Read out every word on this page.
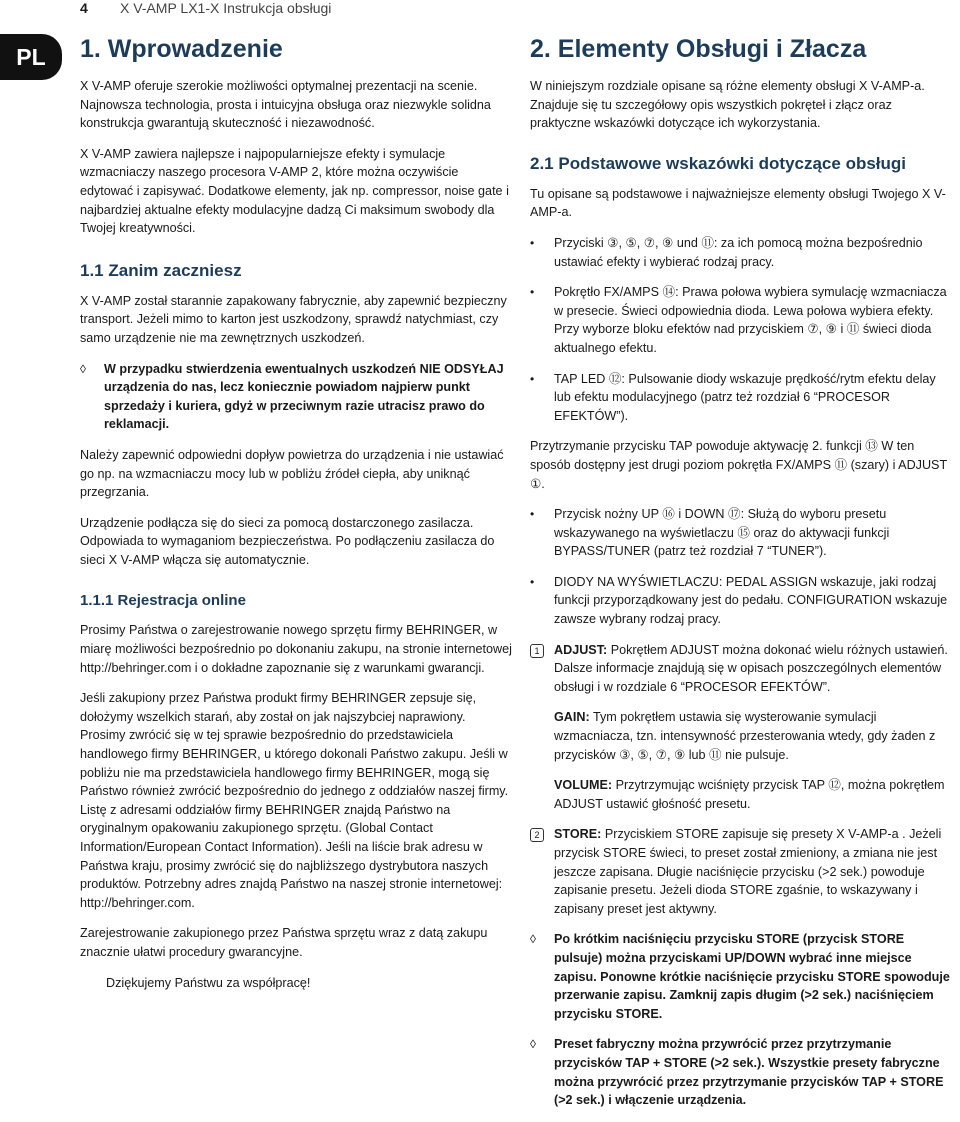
4 X V-AMP LX1-X Instrukcja obsługi
PL	1. Wprowadzenie

X V-AMP oferuje szerokie możliwości optymalnej prezentacji na scenie. Najnowsza technologia, prosta i intuicyjna obsługa oraz niezwykle solidna konstrukcja gwarantują skuteczność i niezawodność.

X V-AMP zawiera najlepsze i najpopularniejsze efekty i symulacje wzmacniaczy naszego procesora V-AMP 2, które można oczywiście edytować i zapisywać. Dodatkowe elementy, jak np. compressor, noise gate i najbardziej aktualne efekty modulacyjne dadzą Ci maksimum swobody dla Twojej kreatywności.

1.1 Zanim zaczniesz

X V-AMP został starannie zapakowany fabrycznie, aby zapewnić bezpieczny transport. Jeżeli mimo to karton jest uszkodzony, sprawdź natychmiast, czy samo urządzenie nie ma zewnętrznych uszkodzeń.

◊	W przypadku stwierdzenia ewentualnych uszkodzeń NIE ODSYŁAJ urządzenia do nas, lecz koniecznie powiadom najpierw punkt sprzedaży i kuriera, gdyż w przeciwnym razie utracisz prawo do reklamacji.

Należy zapewnić odpowiedni dopływ powietrza do urządzenia i nie ustawiać go np. na wzmacniaczu mocy lub w pobliżu źródeł ciepła, aby uniknąć przegrzania.

Urządzenie podłącza się do sieci za pomocą dostarczonego zasilacza. Odpowiada to wymaganiom bezpieczeństwa. Po podłączeniu zasilacza do sieci X V-AMP włącza się automatycznie.

1.1.1 Rejestracja online

Prosimy Państwa o zarejestrowanie nowego sprzętu firmy BEHRINGER, w miarę możliwości bezpośrednio po dokonaniu zakupu, na stronie internetowej http://behringer.com i o dokładne zapoznanie się z warunkami gwarancji.

Jeśli zakupiony przez Państwa produkt firmy BEHRINGER zepsuje się, dołożymy wszelkich starań, aby został on jak najszybciej naprawiony. Prosimy zwrócić się w tej sprawie bezpośrednio do przedstawiciela handlowego firmy BEHRINGER, u którego dokonali Państwo zakupu. Jeśli w pobliżu nie ma przedstawiciela handlowego firmy BEHRINGER, mogą się Państwo również zwrócić bezpośrednio do jednego z oddziałów naszej firmy. Listę z adresami oddziałów firmy BEHRINGER znajdą Państwo na oryginalnym opakowaniu zakupionego sprzętu. (Global Contact Information/European Contact Information). Jeśli na liście brak adresu w Państwa kraju, prosimy zwrócić się do najbliższego dystrybutora naszych produktów. Potrzebny adres znajdą Państwo na naszej stronie internetowej: http://behringer.com.

Zarejestrowanie zakupionego przez Państwa sprzętu wraz z datą zakupu znacznie ułatwi procedury gwarancyjne.

Dziękujemy Państwu za współpracę!

2. Elementy Obsługi i Złacza

W niniejszym rozdziale opisane są różne elementy obsługi X V-AMP-a. Znajduje się tu szczegółowy opis wszystkich pokręteł i złącz oraz praktyczne wskazówki dotyczące ich wykorzystania.

2.1 Podstawowe wskazówki dotyczące obsługi

Tu opisane są podstawowe i najważniejsze elementy obsługi Twojego X V-AMP-a.

•	Przyciski ③, ⑤, ⑦, ⑨ und ⑪: za ich pomocą można bezpośrednio ustawiać efekty i wybierać rodzaj pracy.
•	Pokrętło FX/AMPS ⑭: Prawa połowa wybiera symulację wzmacniacza w presecie. Świeci odpowiednia dioda. Lewa połowa wybiera efekty. Przy wyborze bloku efektów nad przyciskiem ⑦, ⑨ i ⑪ świeci dioda aktualnego efektu.
•	TAP LED ⑫: Pulsowanie diody wskazuje prędkość/rytm efektu delay lub efektu modulacyjnego (patrz też rozdział 6 “PROCESOR EFEKTÓW”).

Przytrzymanie przycisku TAP powoduje aktywację 2. funkcji ⑬ W ten sposób dostępny jest drugi poziom pokrętła FX/AMPS ⑪ (szary) i ADJUST ①.

•	Przycisk nożny UP ⑯ i DOWN ⑰: Służą do wyboru presetu wskazywanego na wyświetlaczu ⑮ oraz do aktywacji funkcji BYPASS/TUNER (patrz też rozdział 7 “TUNER”).
•	DIODY NA WYŚWIETLACZU: PEDAL ASSIGN wskazuje, jaki rodzaj funkcji przyporządkowany jest do pedału. CONFIGURATION wskazuje zawsze wybrany rodzaj pracy.
1	ADJUST: Pokrętłem ADJUST można dokonać wielu różnych ustawień. Dalsze informacje znajdują się w opisach poszczególnych elementów obsługi i w rozdziale 6 “PROCESOR EFEKTÓW”.
GAIN: Tym pokrętłem ustawia się wysterowanie symulacji wzmacniacza, tzn. intensywność przesterowania wtedy, gdy żaden z przycisków ③, ⑤, ⑦, ⑨ lub ⑪ nie pulsuje.
VOLUME: Przytrzymując wciśnięty przycisk TAP ⑫, można pokrętłem ADJUST ustawić głośność presetu.
2	STORE: Przyciskiem STORE zapisuje się presety X V-AMP-a . Jeżeli przycisk STORE świeci, to preset został zmieniony, a zmiana nie jest jeszcze zapisana. Długie naciśnięcie przycisku (>2 sek.) powoduje zapisanie presetu. Jeżeli dioda STORE zgaśnie, to wskazywany i zapisany preset jest aktywny.
◊	Po krótkim naciśnięciu przycisku STORE (przycisk STORE pulsuje) można przyciskami UP/DOWN wybrać inne miejsce zapisu. Ponowne krótkie naciśnięcie przycisku STORE spowoduje przerwanie zapisu. Zamknij zapis długim (>2 sek.) naciśnięciem przycisku STORE.
◊	Preset fabryczny można przywrócić przez przytrzymanie przycisków TAP + STORE (>2 sek.). Wszystkie presety fabryczne można przywrócić przez przytrzymanie przycisków TAP + STORE (>2 sek.) i włączenie urządzenia.
